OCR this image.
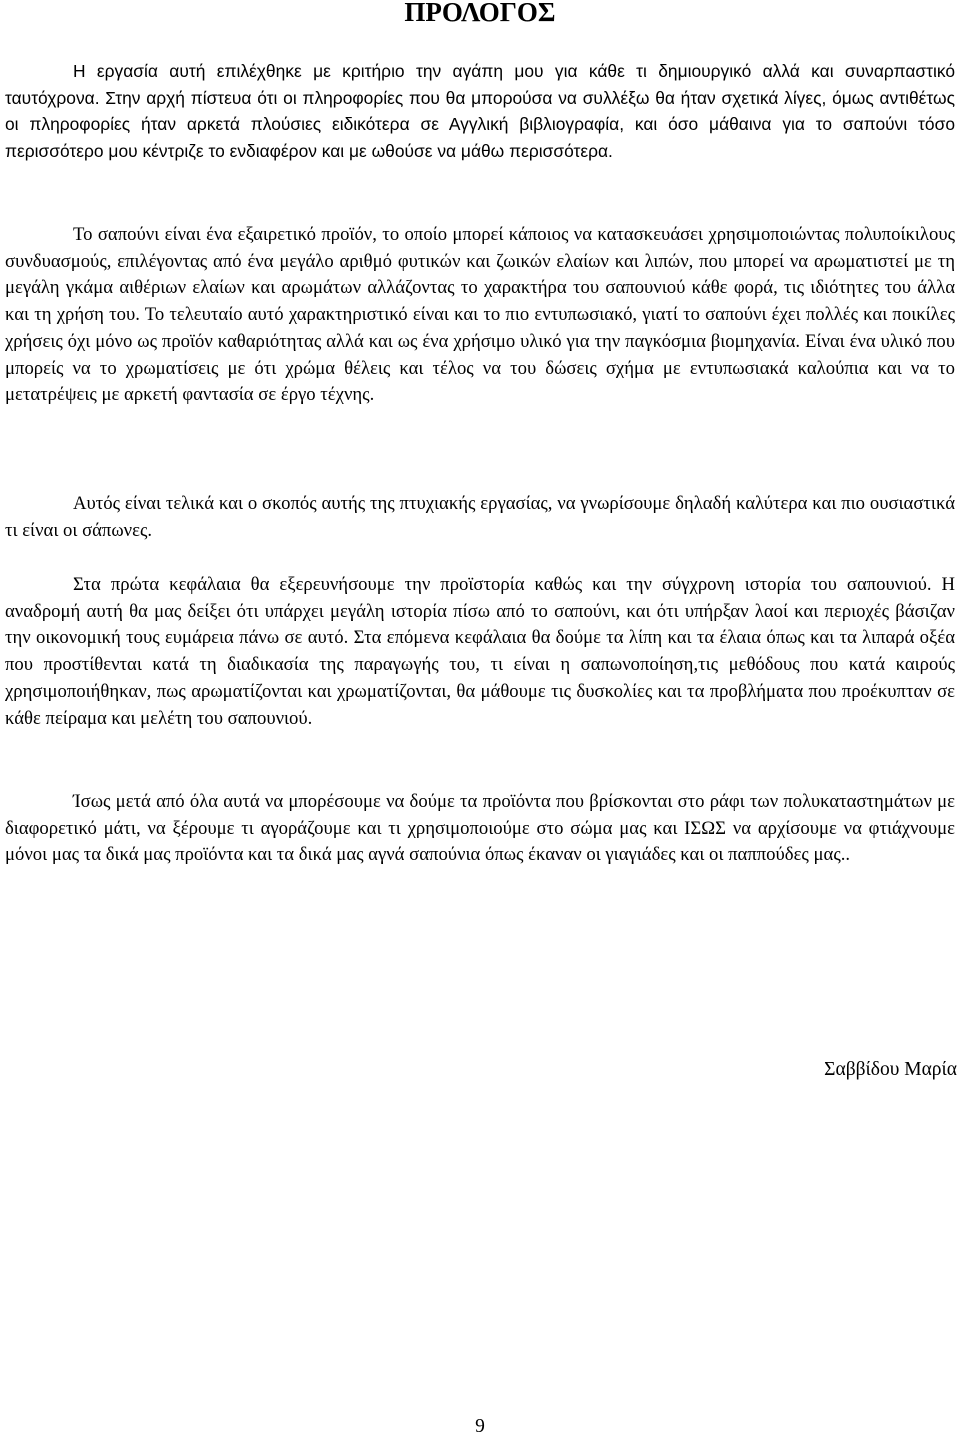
ΠΡΟΛΟΓΟΣ

Η εργασία αυτή επιλέχθηκε με κριτήριο την αγάπη μου για κάθε τι δημιουργικό αλλά και συναρπαστικό ταυτόχρονα. Στην αρχή πίστευα ότι οι πληροφορίες που θα μπορούσα να συλλέξω θα ήταν σχετικά λίγες, όμως αντιθέτως οι πληροφορίες ήταν αρκετά πλούσιες ειδικότερα σε Αγγλική βιβλιογραφία, και όσο μάθαινα για το σαπούνι τόσο περισσότερο μου κέντριζε το ενδιαφέρον και με ωθούσε να μάθω περισσότερα.

Το σαπούνι είναι ένα εξαιρετικό προϊόν, το οποίο μπορεί κάποιος να κατασκευάσει χρησιμοποιώντας πολυποίκιλους συνδυασμούς, επιλέγοντας από ένα μεγάλο αριθμό φυτικών και ζωικών ελαίων και λιπών, που μπορεί να αρωματιστεί με τη μεγάλη γκάμα αιθέριων ελαίων και αρωμάτων αλλάζοντας το χαρακτήρα του σαπουνιού κάθε φορά, τις ιδιότητες του άλλα και τη χρήση του. Το τελευταίο αυτό χαρακτηριστικό είναι και το πιο εντυπωσιακό, γιατί το σαπούνι έχει πολλές και ποικίλες χρήσεις όχι μόνο ως προϊόν καθαριότητας αλλά και ως ένα χρήσιμο υλικό για την παγκόσμια βιομηχανία. Είναι ένα υλικό που μπορείς να το χρωματίσεις με ότι χρώμα θέλεις και τέλος να του δώσεις σχήμα με εντυπωσιακά καλούπια και να το μετατρέψεις με αρκετή φαντασία σε έργο τέχνης.

Αυτός είναι τελικά και ο σκοπός αυτής της πτυχιακής εργασίας, να γνωρίσουμε δηλαδή καλύτερα και πιο ουσιαστικά τι είναι οι σάπωνες.

Στα πρώτα κεφάλαια θα εξερευνήσουμε την προϊστορία καθώς και την σύγχρονη ιστορία του σαπουνιού. Η αναδρομή αυτή θα μας δείξει ότι υπάρχει μεγάλη ιστορία πίσω από το σαπούνι, και ότι υπήρξαν λαοί και περιοχές βάσιζαν την οικονομική τους ευμάρεια πάνω σε αυτό. Στα επόμενα κεφάλαια θα δούμε τα λίπη και τα έλαια όπως και τα λιπαρά οξέα που προστίθενται κατά τη διαδικασία της παραγωγής του, τι είναι η σαπωνοποίηση,τις μεθόδους που κατά καιρούς χρησιμοποιήθηκαν, πως αρωματίζονται και χρωματίζονται, θα μάθουμε τις δυσκολίες και τα προβλήματα που προέκυπταν σε κάθε πείραμα και μελέτη του σαπουνιού.

Ίσως μετά από όλα αυτά να μπορέσουμε να δούμε τα προϊόντα που βρίσκονται στο ράφι των πολυκαταστημάτων με διαφορετικό μάτι, να ξέρουμε τι αγοράζουμε και τι χρησιμοποιούμε στο σώμα μας και ΙΣΩΣ να αρχίσουμε να φτιάχνουμε μόνοι μας τα δικά μας προϊόντα και τα δικά μας αγνά σαπούνια όπως έκαναν οι γιαγιάδες και οι παππούδες μας..

Σαββίδου Μαρία

9
